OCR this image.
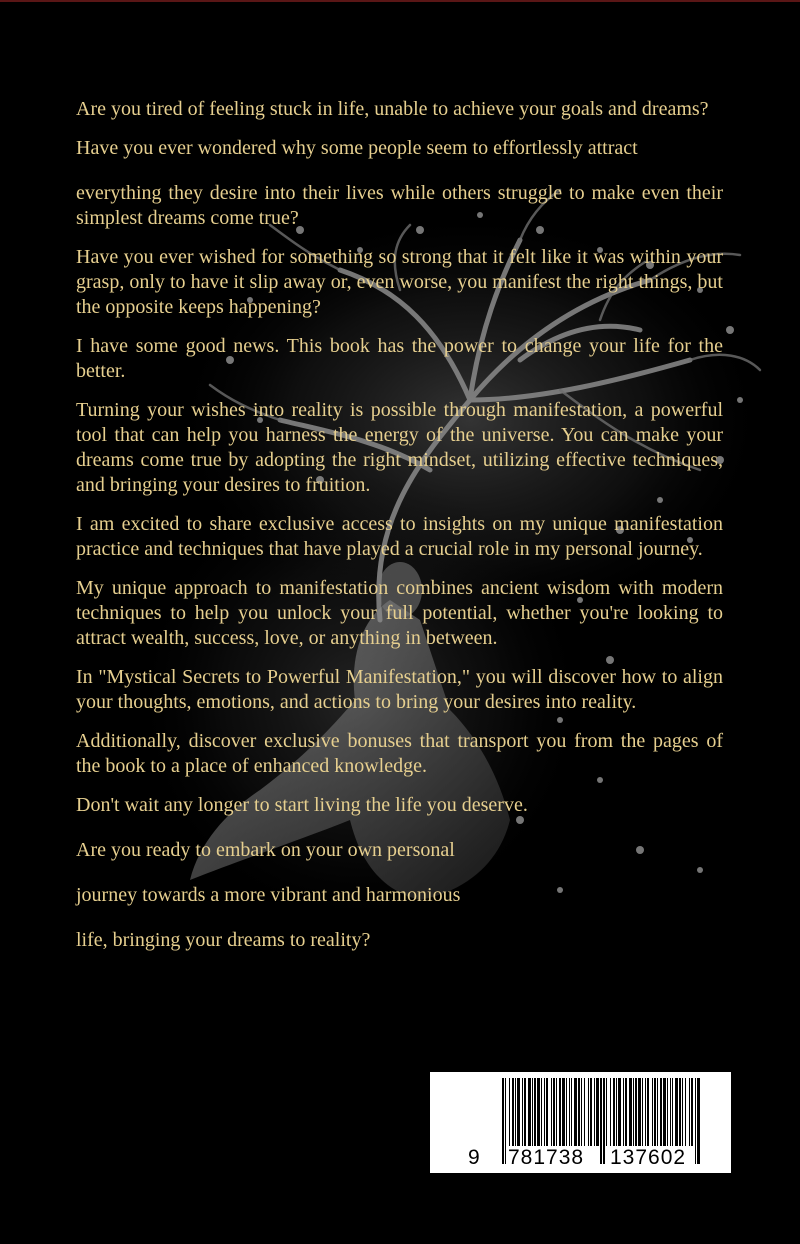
Are you tired of feeling stuck in life, unable to achieve your goals and dreams?

Have you ever wondered why some people seem to effortlessly attract

everything they desire into their lives while others struggle to make even their simplest dreams come true?

Have you ever wished for something so strong that it felt like it was within your grasp, only to have it slip away or, even worse, you manifest the right things, but the opposite keeps happening?

I have some good news. This book has the power to change your life for the better.

Turning your wishes into reality is possible through manifestation, a powerful tool that can help you harness the energy of the universe. You can make your dreams come true by adopting the right mindset, utilizing effective techniques, and bringing your desires to fruition.

I am excited to share exclusive access to insights on my unique manifestation practice and techniques that have played a crucial role in my personal journey.

My unique approach to manifestation combines ancient wisdom with modern techniques to help you unlock your full potential, whether you're looking to attract wealth, success, love, or anything in between.

In "Mystical Secrets to Powerful Manifestation," you will discover how to align your thoughts, emotions, and actions to bring your desires into reality.

Additionally, discover exclusive bonuses that transport you from the pages of the book to a place of enhanced knowledge.

Don't wait any longer to start living the life you deserve.

Are you ready to embark on your own personal

journey towards a more vibrant and harmonious

life, bringing your dreams to reality?

9 781738 137602
